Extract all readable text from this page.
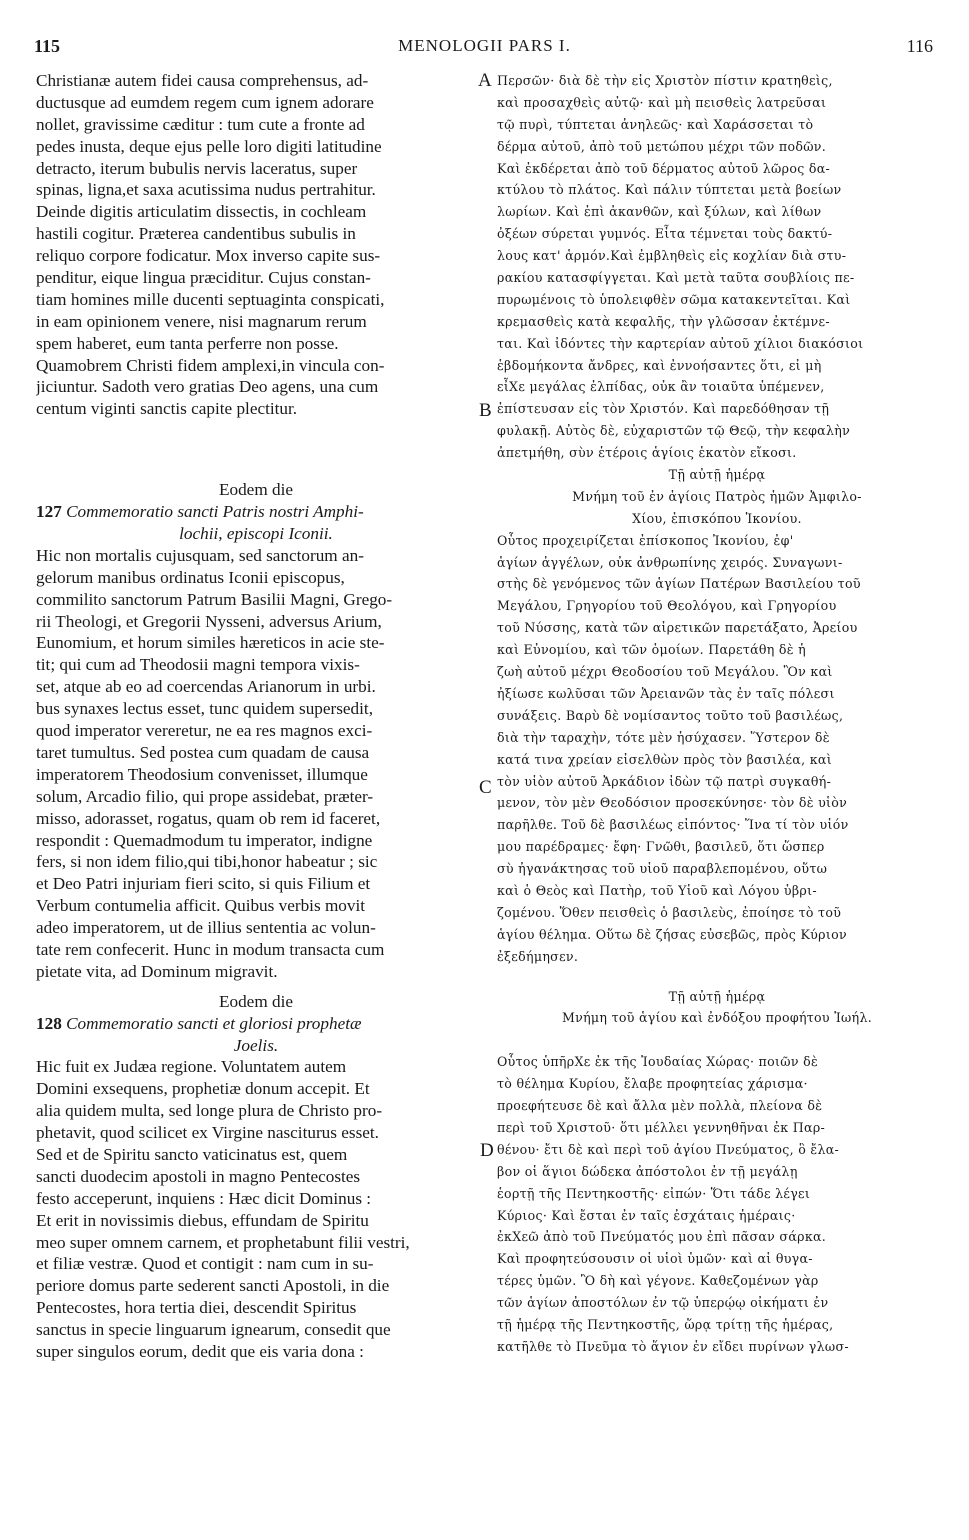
115	MENOLOGII PARS I.	116
A
B
C
D
Christianæ autem fidei causa comprehensus, ad-
ductusque ad eumdem regem cum ignem adorare
nollet, gravissime cæditur : tum cute a fronte ad
pedes inusta, deque ejus pelle loro digiti latitudine
detracto, iterum bubulis nervis laceratus, super
spinas, ligna,et saxa acutissima nudus pertrahitur.
Deinde digitis articulatim dissectis, in cochleam
hastili cogitur. Præterea candentibus subulis in
reliquo corpore fodicatur. Mox inverso capite sus-
penditur, eique lingua præciditur. Cujus constan-
tiam homines mille ducenti septuaginta conspicati,
in eam opinionem venere, nisi magnarum rerum
spem haberet, eum tanta perferre non posse.
Quamobrem Christi fidem amplexi,in vincula con-
jiciuntur. Sadoth vero gratias Deo agens, una cum
centum viginti sanctis capite plectitur.
Eodem die
127 Commemoratio sancti Patris nostri Amphi-
lochii, episcopi Iconii.
Hic non mortalis cujusquam, sed sanctorum an-
gelorum manibus ordinatus Iconii episcopus,
commilito sanctorum Patrum Basilii Magni, Grego-
rii Theologi, et Gregorii Nysseni, adversus Arium,
Eunomium, et horum similes hæreticos in acie ste-
tit; qui cum ad Theodosii magni tempora vixis-
set, atque ab eo ad coercendas Arianorum in urbi.
bus synaxes lectus esset, tunc quidem supersedit,
quod imperator vereretur, ne ea res magnos exci-
taret tumultus. Sed postea cum quadam de causa
imperatorem Theodosium convenisset, illumque
solum, Arcadio filio, qui prope assidebat, præter-
misso, adorasset, rogatus, quam ob rem id faceret,
respondit : Quemadmodum tu imperator, indigne
fers, si non idem filio,qui tibi,honor habeatur ; sic
et Deo Patri injuriam fieri scito, si quis Filium et
Verbum contumelia afficit. Quibus verbis movit
adeo imperatorem, ut de illius sententia ac volun-
tate rem confecerit. Hunc in modum transacta cum
pietate vita, ad Dominum migravit.
Eodem die
128 Commemoratio sancti et gloriosi prophetæ
Joelis.
Hic fuit ex Judæa regione. Voluntatem autem
Domini exsequens, prophetiæ donum accepit. Et
alia quidem multa, sed longe plura de Christo pro-
phetavit, quod scilicet ex Virgine nasciturus esset.
Sed et de Spiritu sancto vaticinatus est, quem
sancti duodecim apostoli in magno Pentecostes
festo acceperunt, inquiens : Hæc dicit Dominus :
Et erit in novissimis diebus, effundam de Spiritu
meo super omnem carnem, et prophetabunt filii vestri,
et filiæ vestræ. Quod et contigit : nam cum in su-
periore domus parte sederent sancti Apostoli, in die
Pentecostes, hora tertia diei, descendit Spiritus
sanctus in specie linguarum ignearum, consedit que
super singulos eorum, dedit que eis varia dona :
Περσῶν· διὰ δὲ τὴν εἰς Χριστὸν πίστιν κρατηθεὶς,
καὶ προσαχθεὶς αὐτῷ· καὶ μὴ πεισθεὶς λατρεῦσαι
τῷ πυρὶ, τύπτεται ἀνηλεῶς· καὶ Χαράσσεται τὸ
δέρμα αὐτοῦ, ἀπὸ τοῦ μετώπου μέχρι τῶν ποδῶν.
Καὶ ἐκδέρεται ἀπὸ τοῦ δέρματος αὐτοῦ λῶρος δα-
κτύλου τὸ πλάτος. Καὶ πάλιν τύπτεται μετὰ βοείων
λωρίων. Καὶ ἐπὶ ἀκανθῶν, καὶ ξύλων, καὶ λίθων
ὀξέων σύρεται γυμνός. Εἶτα τέμνεται τοὺς δακτύ-
λους κατ' ἁρμόν.Καὶ ἐμβληθεὶς εἰς κοχλίαν διὰ στυ-
ρακίου κατασφίγγεται. Καὶ μετὰ ταῦτα σουβλίοις πε-
πυρωμένοις τὸ ὑπολειφθὲν σῶμα κατακεντεῖται. Καὶ
κρεμασθεὶς κατὰ κεφαλῆς, τὴν γλῶσσαν ἐκτέμνε-
ται. Καὶ ἰδόντες τὴν καρτερίαν αὐτοῦ χίλιοι διακόσιοι
ἑβδομήκοντα ἄνδρες, καὶ ἐννοήσαντες ὅτι, εἰ μὴ
εἶΧε μεγάλας ἐλπίδας, οὐκ ἂν τοιαῦτα ὑπέμενεν,
ἐπίστευσαν εἰς τὸν Χριστόν. Καὶ παρεδόθησαν τῇ
φυλακῇ. Αὐτὸς δὲ, εὐχαριστῶν τῷ Θεῷ, τὴν κεφαλὴν
ἀπετμήθη, σὺν ἑτέροις ἁγίοις ἑκατὸν εἴκοσι.
Τῇ αὐτῇ ἡμέρᾳ
Μνήμη τοῦ ἐν ἁγίοις Πατρὸς ἡμῶν Ἀμφιλο-
Χίου, ἐπισκόπου Ἰκονίου.
Οὗτος προχειρίζεται ἐπίσκοπος Ἰκονίου, ἐφ'
ἁγίων ἀγγέλων, οὐκ ἀνθρωπίνης χειρός. Συναγωνι-
στὴς δὲ γενόμενος τῶν ἁγίων Πατέρων Βασιλείου τοῦ
Μεγάλου, Γρηγορίου τοῦ Θεολόγου, καὶ Γρηγορίου
τοῦ Νύσσης, κατὰ τῶν αἱρετικῶν παρετάξατο, Ἀρείου
καὶ Εὐνομίου, καὶ τῶν ὁμοίων. Παρετάθη δὲ ἡ
ζωὴ αὐτοῦ μέχρι Θεοδοσίου τοῦ Μεγάλου. Ὃν καὶ
ἠξίωσε κωλῦσαι τῶν Ἀρειανῶν τὰς ἐν ταῖς πόλεσι
συνάξεις. Βαρὺ δὲ νομίσαντος τοῦτο τοῦ βασιλέως,
διὰ τὴν ταραχὴν, τότε μὲν ἡσύχασεν. Ὕστερον δὲ
κατά τινα χρείαν εἰσελθὼν πρὸς τὸν βασιλέα, καὶ
τὸν υἱὸν αὐτοῦ Ἀρκάδιον ἰδὼν τῷ πατρὶ συγκαθή-
μενον, τὸν μὲν Θεοδόσιον προσεκύνησε· τὸν δὲ υἱὸν
παρῆλθε. Τοῦ δὲ βασιλέως εἰπόντος· Ἵνα τί τὸν υἱόν
μου παρέδραμες· ἔφη· Γνῶθι, βασιλεῦ, ὅτι ὥσπερ
σὺ ἠγανάκτησας τοῦ υἱοῦ παραβλεπομένου, οὕτω
καὶ ὁ Θεὸς καὶ Πατὴρ, τοῦ Υἱοῦ καὶ Λόγου ὑβρι-
ζομένου. Ὅθεν πεισθεὶς ὁ βασιλεὺς, ἐποίησε τὸ τοῦ
ἁγίου θέλημα. Οὕτω δὲ ζήσας εὐσεβῶς, πρὸς Κύριον
ἐξεδήμησεν.
Τῇ αὐτῇ ἡμέρᾳ
Μνήμη τοῦ ἁγίου καὶ ἐνδόξου προφήτου Ἰωήλ.
Οὗτος ὑπῆρΧε ἐκ τῆς Ἰουδαίας Χώρας· ποιῶν δὲ
τὸ θέλημα Κυρίου, ἔλαβε προφητείας χάρισμα·
προεφήτευσε δὲ καὶ ἄλλα μὲν πολλὰ, πλείονα δὲ
περὶ τοῦ Χριστοῦ· ὅτι μέλλει γεννηθῆναι ἐκ Παρ-
θένου· ἔτι δὲ καὶ περὶ τοῦ ἁγίου Πνεύματος, ὃ ἔλα-
βον οἱ ἅγιοι δώδεκα ἀπόστολοι ἐν τῇ μεγάλῃ
ἑορτῇ τῆς Πεντηκοστῆς· εἰπών· Ὅτι τάδε λέγει
Κύριος· Καὶ ἔσται ἐν ταῖς ἐσχάταις ἡμέραις·
ἐκΧεῶ ἀπὸ τοῦ Πνεύματός μου ἐπὶ πᾶσαν σάρκα.
Καὶ προφητεύσουσιν οἱ υἱοὶ ὑμῶν· καὶ αἱ θυγα-
τέρες ὑμῶν. Ὃ δὴ καὶ γέγονε. Καθεζομένων γὰρ
τῶν ἁγίων ἀποστόλων ἐν τῷ ὑπερῴῳ οἰκήματι ἐν
τῇ ἡμέρᾳ τῆς Πεντηκοστῆς, ὥρᾳ τρίτῃ τῆς ἡμέρας,
κατῆλθε τὸ Πνεῦμα τὸ ἅγιον ἐν εἴδει πυρίνων γλωσ-
